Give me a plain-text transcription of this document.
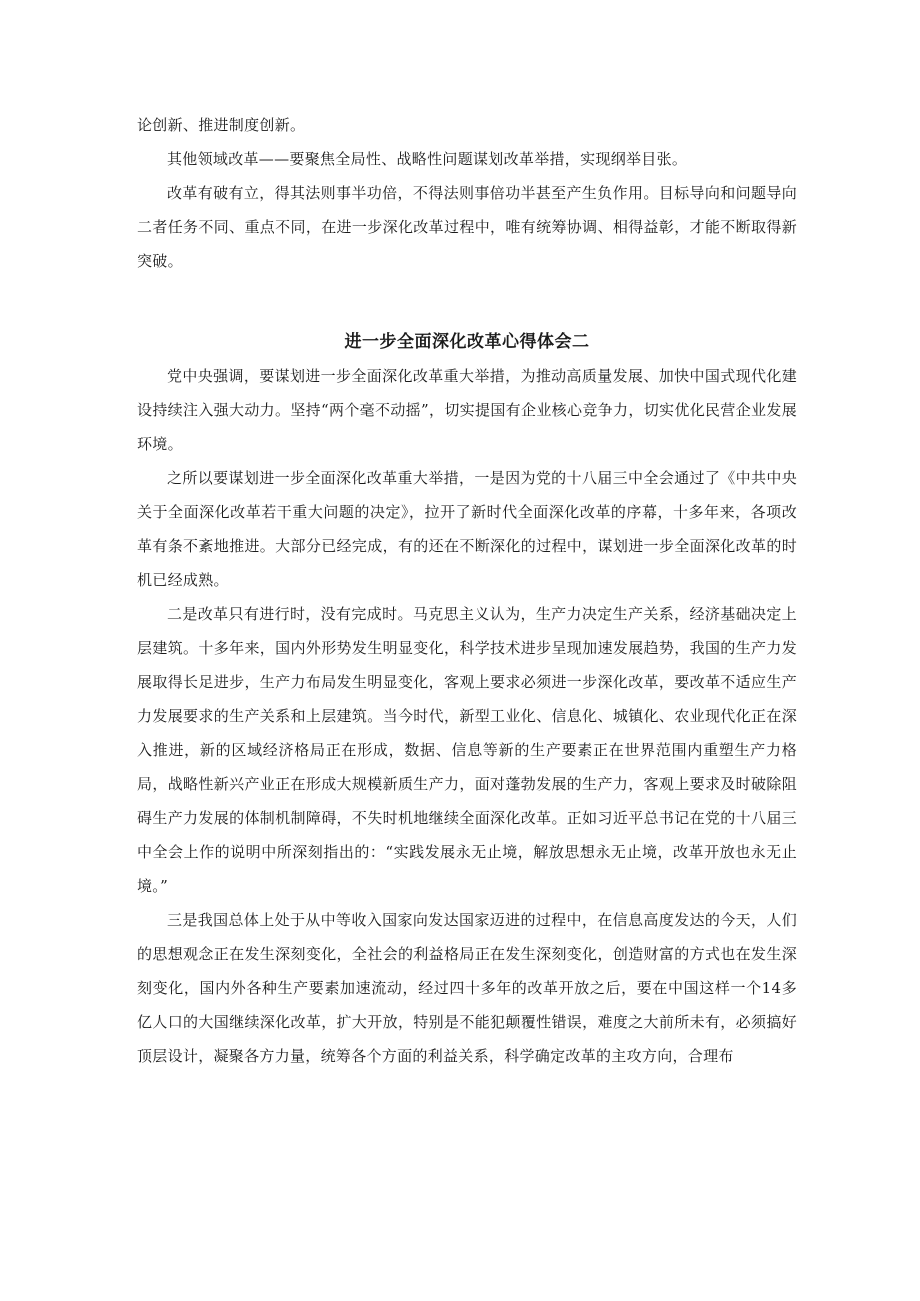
论创新、推进制度创新。

其他领域改革——要聚焦全局性、战略性问题谋划改革举措，实现纲举目张。

改革有破有立，得其法则事半功倍，不得法则事倍功半甚至产生负作用。目标导向和问题导向二者任务不同、重点不同，在进一步深化改革过程中，唯有统筹协调、相得益彰，才能不断取得新突破。

进一步全面深化改革心得体会二

党中央强调，要谋划进一步全面深化改革重大举措，为推动高质量发展、加快中国式现代化建设持续注入强大动力。坚持“两个毫不动摇”，切实提国有企业核心竞争力，切实优化民营企业发展环境。

之所以要谋划进一步全面深化改革重大举措，一是因为党的十八届三中全会通过了《中共中央关于全面深化改革若干重大问题的决定》，拉开了新时代全面深化改革的序幕，十多年来，各项改革有条不紊地推进。大部分已经完成，有的还在不断深化的过程中，谋划进一步全面深化改革的时机已经成熟。

二是改革只有进行时，没有完成时。马克思主义认为，生产力决定生产关系，经济基础决定上层建筑。十多年来，国内外形势发生明显变化，科学技术进步呈现加速发展趋势，我国的生产力发展取得长足进步，生产力布局发生明显变化，客观上要求必须进一步深化改革，要改革不适应生产力发展要求的生产关系和上层建筑。当今时代，新型工业化、信息化、城镇化、农业现代化正在深入推进，新的区域经济格局正在形成，数据、信息等新的生产要素正在世界范围内重塑生产力格局，战略性新兴产业正在形成大规模新质生产力，面对蓬勃发展的生产力，客观上要求及时破除阻碍生产力发展的体制机制障碍，不失时机地继续全面深化改革。正如习近平总书记在党的十八届三中全会上作的说明中所深刻指出的：“实践发展永无止境，解放思想永无止境，改革开放也永无止境。”

三是我国总体上处于从中等收入国家向发达国家迈进的过程中，在信息高度发达的今天，人们的思想观念正在发生深刻变化，全社会的利益格局正在发生深刻变化，创造财富的方式也在发生深刻变化，国内外各种生产要素加速流动，经过四十多年的改革开放之后，要在中国这样一个14多亿人口的大国继续深化改革，扩大开放，特别是不能犯颠覆性错误，难度之大前所未有，必须搞好顶层设计，凝聚各方力量，统筹各个方面的利益关系，科学确定改革的主攻方向，合理布
